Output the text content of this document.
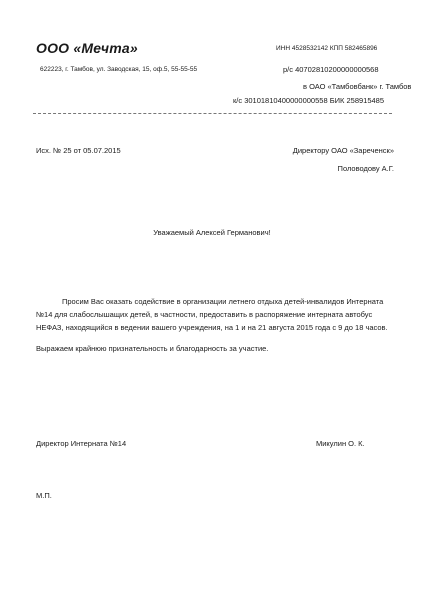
ООО «Мечта»	ИНН 4528532142 КПП 582465896
622223, г. Тамбов, ул. Заводская, 15, оф.5, 55-55-55	р/с 40702810200000000568
в ОАО «Тамбовбанк» г. Тамбов
к/с 30101810400000000558 БИК 258915485
Исх. № 25 от 05.07.2015	Директору ОАО «Зареченск»
Половодову А.Г.
Уважаемый Алексей Германович!

Просим Вас оказать содействие в организации летнего отдыха детей-инвалидов Интерната №14 для слабослышащих детей, в частности, предоставить в распоряжение интерната автобус НЕФАЗ, находящийся в ведении вашего учреждения, на 1 и на 21 августа 2015 года с 9 до 18 часов.

Выражаем крайнюю признательность и благодарность за участие.

Директор Интерната №14	Микулин О. К.
М.П.
